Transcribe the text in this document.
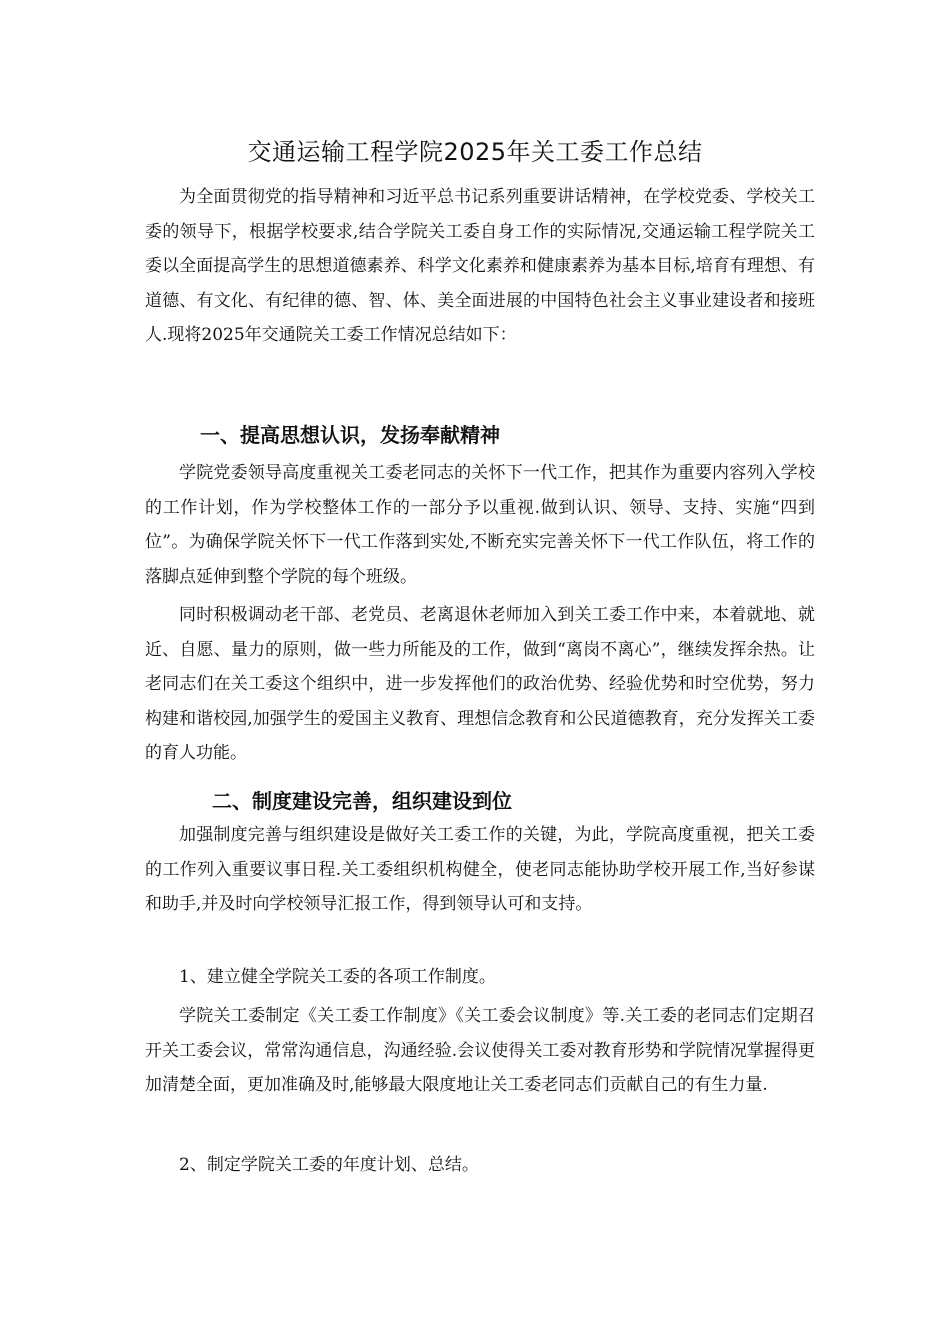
交通运输工程学院2025年关工委工作总结

为全面贯彻党的指导精神和习近平总书记系列重要讲话精神，在学校党委、学校关工委的领导下，根据学校要求,结合学院关工委自身工作的实际情况,交通运输工程学院关工委以全面提高学生的思想道德素养、科学文化素养和健康素养为基本目标,培育有理想、有道德、有文化、有纪律的德、智、体、美全面进展的中国特色社会主义事业建设者和接班人.现将2025年交通院关工委工作情况总结如下：

一、提高思想认识，发扬奉献精神

学院党委领导高度重视关工委老同志的关怀下一代工作，把其作为重要内容列入学校的工作计划，作为学校整体工作的一部分予以重视.做到认识、领导、支持、实施“四到位”。为确保学院关怀下一代工作落到实处,不断充实完善关怀下一代工作队伍，将工作的落脚点延伸到整个学院的每个班级。

同时积极调动老干部、老党员、老离退休老师加入到关工委工作中来，本着就地、就近、自愿、量力的原则，做一些力所能及的工作，做到“离岗不离心”，继续发挥余热。让老同志们在关工委这个组织中，进一步发挥他们的政治优势、经验优势和时空优势，努力构建和谐校园,加强学生的爱国主义教育、理想信念教育和公民道德教育，充分发挥关工委的育人功能。

二、制度建设完善，组织建设到位

加强制度完善与组织建设是做好关工委工作的关键，为此，学院高度重视，把关工委的工作列入重要议事日程.关工委组织机构健全，使老同志能协助学校开展工作,当好参谋和助手,并及时向学校领导汇报工作，得到领导认可和支持。

1、建立健全学院关工委的各项工作制度。

学院关工委制定《关工委工作制度》《关工委会议制度》等.关工委的老同志们定期召开关工委会议，常常沟通信息，沟通经验.会议使得关工委对教育形势和学院情况掌握得更加清楚全面，更加准确及时,能够最大限度地让关工委老同志们贡献自己的有生力量.

2、制定学院关工委的年度计划、总结。
